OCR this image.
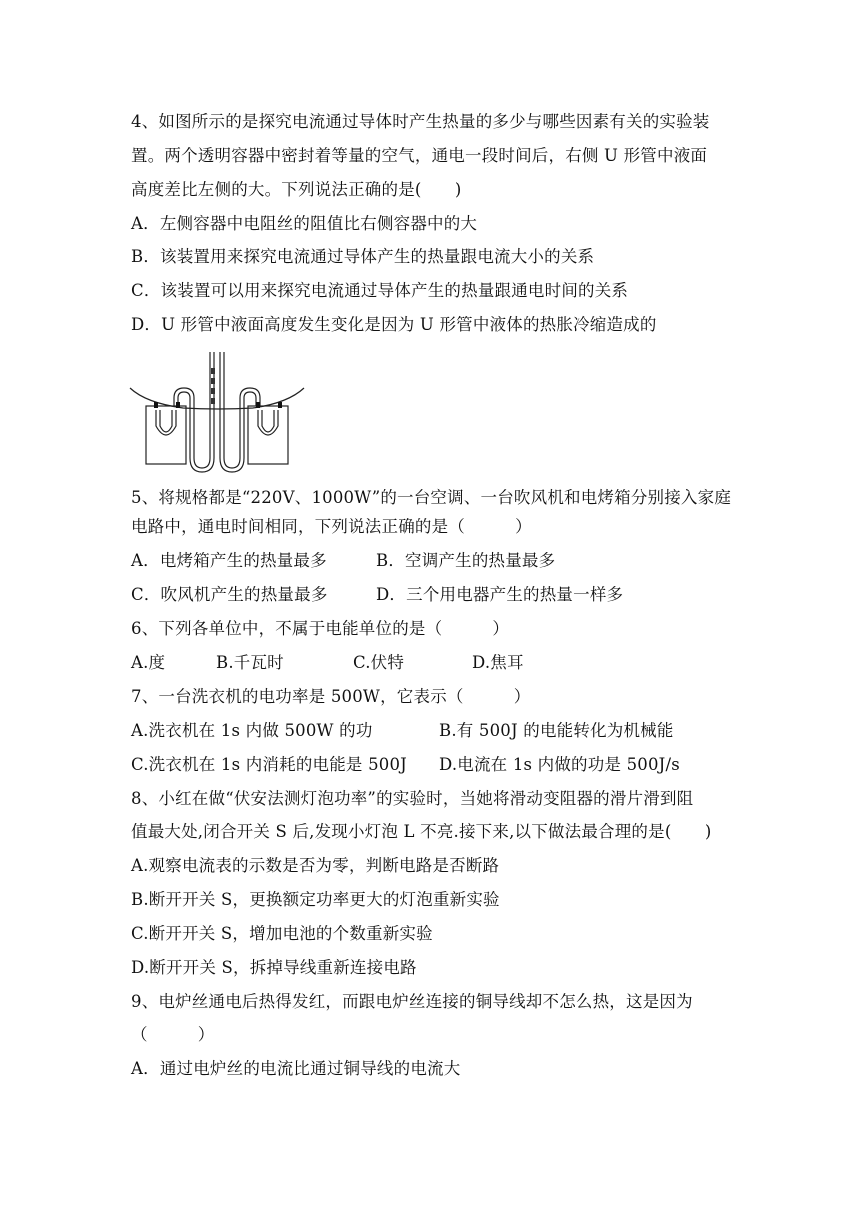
4、如图所示的是探究电流通过导体时产生热量的多少与哪些因素有关的实验装
置。两个透明容器中密封着等量的空气，通电一段时间后，右侧 U 形管中液面
高度差比左侧的大。下列说法正确的是(　　)
A．左侧容器中电阻丝的阻值比右侧容器中的大
B．该装置用来探究电流通过导体产生的热量跟电流大小的关系
C．该装置可以用来探究电流通过导体产生的热量跟通电时间的关系
D．U 形管中液面高度发生变化是因为 U 形管中液体的热胀冷缩造成的
5、将规格都是“220V、1000W”的一台空调、一台吹风机和电烤箱分别接入家庭
电路中，通电时间相同，下列说法正确的是（　　　）
A．电烤箱产生的热量最多	B．空调产生的热量最多
C．吹风机产生的热量最多	D．三个用电器产生的热量一样多
6、下列各单位中，不属于电能单位的是（　　　）
A.度	B.千瓦时	C.伏特	D.焦耳
7、一台洗衣机的电功率是 500W，它表示（　　　）
A.洗衣机在 1s 内做 500W 的功	B.有 500J 的电能转化为机械能
C.洗衣机在 1s 内消耗的电能是 500J D.电流在 1s 内做的功是 500J/s
8、小红在做“伏安法测灯泡功率”的实验时，当她将滑动变阻器的滑片滑到阻
值最大处,闭合开关 S 后,发现小灯泡 L 不亮.接下来,以下做法最合理的是(　　)
A.观察电流表的示数是否为零，判断电路是否断路
B.断开开关 S，更换额定功率更大的灯泡重新实验
C.断开开关 S，增加电池的个数重新实验
D.断开开关 S，拆掉导线重新连接电路
9、电炉丝通电后热得发红，而跟电炉丝连接的铜导线却不怎么热，这是因为
（　　　）
A．通过电炉丝的电流比通过铜导线的电流大
